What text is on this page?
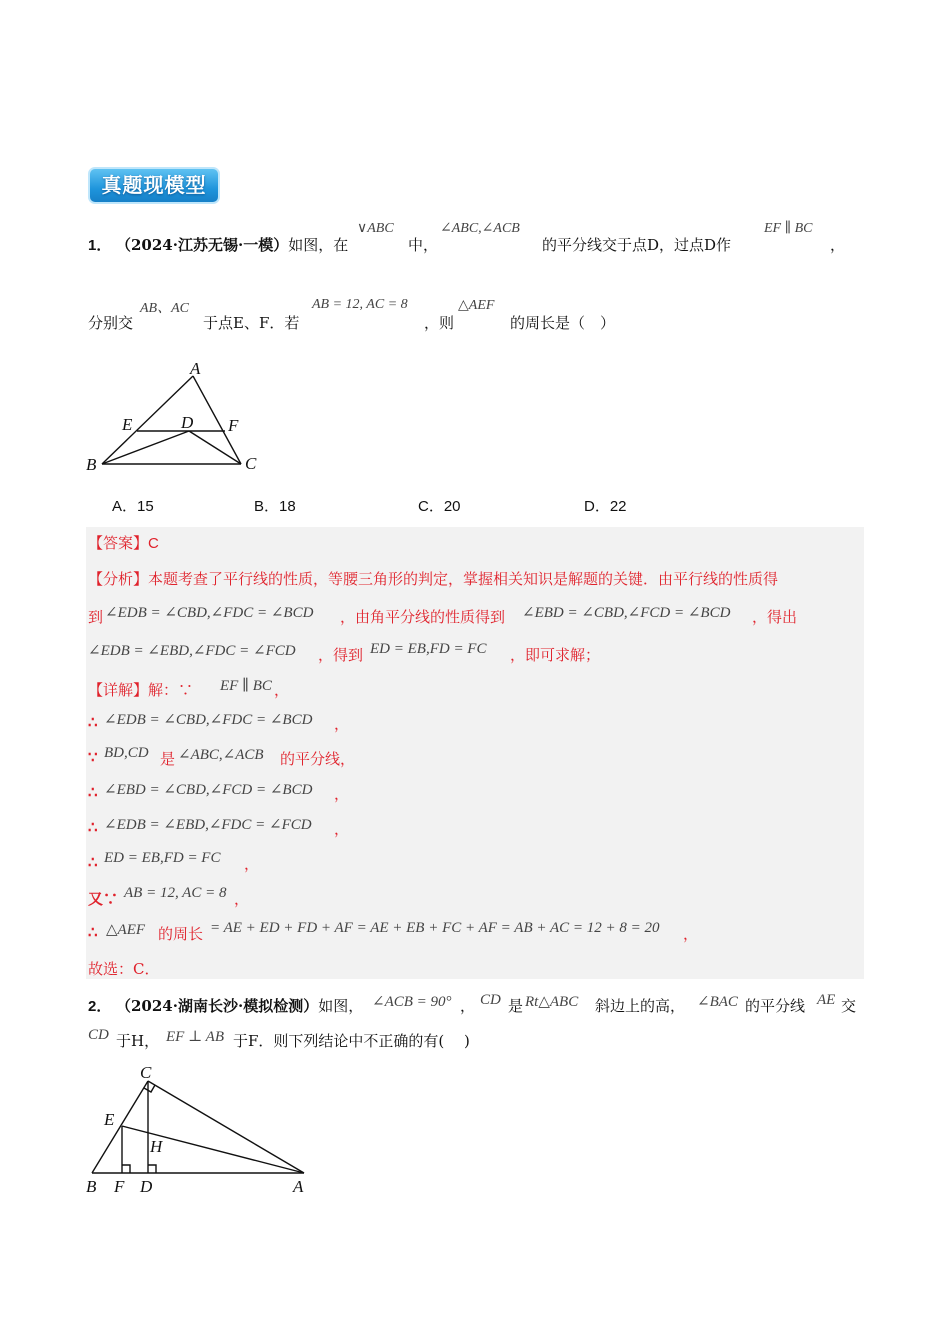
真题现模型
1． （2024·江苏无锡·一模）如图，在
∨ABC
中，
∠ABC,∠ACB
的平分线交于点D，过点D作
EF ∥ BC
，
分别交
AB、AC
于点E、F．若
AB = 12, AC = 8
，则
△AEF
的周长是（　）
A
E	D F
B	C
A．15	B．18	C．20	D．22
【答案】C
【分析】本题考查了平行线的性质，等腰三角形的判定，掌握相关知识是解题的关键．由平行线的性质得
到 ∠EDB = ∠CBD,∠FDC = ∠BCD ，由角平分线的性质得到 ∠EBD = ∠CBD,∠FCD = ∠BCD ，得出
∠EDB = ∠EBD,∠FDC = ∠FCD ，得到 ED = EB,FD = FC ，即可求解；
【详解】解：∵ EF ∥ BC ，
∴ ∠EDB = ∠CBD,∠FDC = ∠BCD ，
∵ BD,CD 是 ∠ABC,∠ACB 的平分线，
∴ ∠EBD = ∠CBD,∠FCD = ∠BCD ，
∴ ∠EDB = ∠EBD,∠FDC = ∠FCD ，
∴ ED = EB,FD = FC ，
又∵ AB = 12, AC = 8 ，
∴ △AEF 的周长 = AE + ED + FD + AF = AE + EB + FC + AF = AB + AC = 12 + 8 = 20 ，
故选：C．
2． （2024·湖南长沙·模拟检测）如图， ∠ACB = 90° ， CD 是 Rt△ABC 斜边上的高， ∠BAC 的平分线 AE 交
CD 于H， EF ⊥ AB 于F．则下列结论中不正确的有(　 )
C
E
H
B F D	A
